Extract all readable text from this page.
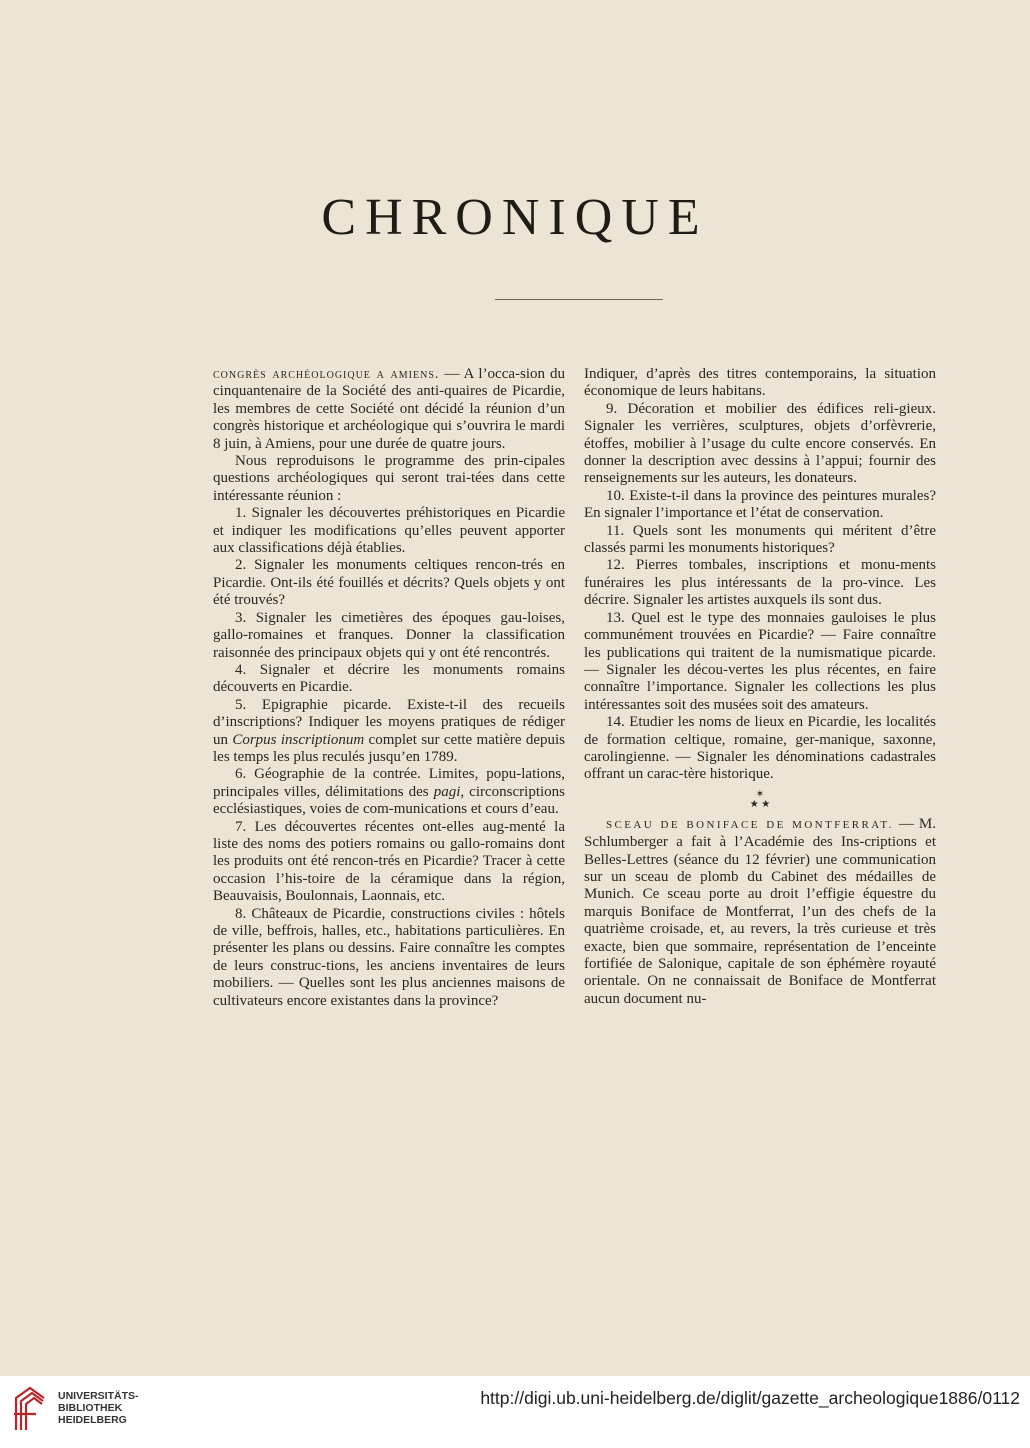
CHRONIQUE

congrès archéologique a amiens. — A l’occa-sion du cinquantenaire de la Société des anti-quaires de Picardie, les membres de cette Société ont décidé la réunion d’un congrès historique et archéologique qui s’ouvrira le mardi 8 juin, à Amiens, pour une durée de quatre jours.

Nous reproduisons le programme des prin-cipales questions archéologiques qui seront trai-tées dans cette intéressante réunion :

1. Signaler les découvertes préhistoriques en Picardie et indiquer les modifications qu’elles peuvent apporter aux classifications déjà établies.

2. Signaler les monuments celtiques rencon-trés en Picardie. Ont-ils été fouillés et décrits? Quels objets y ont été trouvés?

3. Signaler les cimetières des époques gau-loises, gallo-romaines et franques. Donner la classification raisonnée des principaux objets qui y ont été rencontrés.

4. Signaler et décrire les monuments romains découverts en Picardie.

5. Epigraphie picarde. Existe-t-il des recueils d’inscriptions? Indiquer les moyens pratiques de rédiger un Corpus inscriptionum complet sur cette matière depuis les temps les plus reculés jusqu’en 1789.

6. Géographie de la contrée. Limites, popu-lations, principales villes, délimitations des pagi, circonscriptions ecclésiastiques, voies de com-munications et cours d’eau.

7. Les découvertes récentes ont-elles aug-menté la liste des noms des potiers romains ou gallo-romains dont les produits ont été rencon-trés en Picardie? Tracer à cette occasion l’his-toire de la céramique dans la région, Beauvaisis, Boulonnais, Laonnais, etc.

8. Châteaux de Picardie, constructions civiles : hôtels de ville, beffrois, halles, etc., habitations particulières. En présenter les plans ou dessins. Faire connaître les comptes de leurs construc-tions, les anciens inventaires de leurs mobiliers. — Quelles sont les plus anciennes maisons de cultivateurs encore existantes dans la province?

Indiquer, d’après des titres contemporains, la situation économique de leurs habitans.

9. Décoration et mobilier des édifices reli-gieux. Signaler les verrières, sculptures, objets d’orfèvrerie, étoffes, mobilier à l’usage du culte encore conservés. En donner la description avec dessins à l’appui; fournir des renseignements sur les auteurs, les donateurs.

10. Existe-t-il dans la province des peintures murales? En signaler l’importance et l’état de conservation.

11. Quels sont les monuments qui méritent d’être classés parmi les monuments historiques?

12. Pierres tombales, inscriptions et monu-ments funéraires les plus intéressants de la pro-vince. Les décrire. Signaler les artistes auxquels ils sont dus.

13. Quel est le type des monnaies gauloises le plus communément trouvées en Picardie? — Faire connaître les publications qui traitent de la numismatique picarde. — Signaler les décou-vertes les plus récentes, en faire connaître l’importance. Signaler les collections les plus intéressantes soit des musées soit des amateurs.

14. Etudier les noms de lieux en Picardie, les localités de formation celtique, romaine, ger-manique, saxonne, carolingienne. — Signaler les dénominations cadastrales offrant un carac-tère historique.

✶
★ ★

SCEAU DE BONIFACE DE MONTFERRAT. — M. Schlumberger a fait à l’Académie des Ins-criptions et Belles-Lettres (séance du 12 février) une communication sur un sceau de plomb du Cabinet des médailles de Munich. Ce sceau porte au droit l’effigie équestre du marquis Boniface de Montferrat, l’un des chefs de la quatrième croisade, et, au revers, la très curieuse et très exacte, bien que sommaire, représentation de l’enceinte fortifiée de Salonique, capitale de son éphémère royauté orientale. On ne connaissait de Boniface de Montferrat aucun document nu-

UNIVERSITÄTS-
BIBLIOTHEK
HEIDELBERG
http://digi.ub.uni-heidelberg.de/diglit/gazette_archeologique1886/0112
